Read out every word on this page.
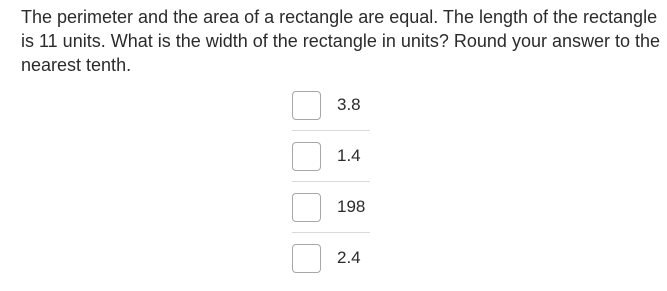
The perimeter and the area of a rectangle are equal. The length of the rectangle is 11 units. What is the width of the rectangle in units? Round your answer to the nearest tenth.

3.8
1.4
198
2.4
